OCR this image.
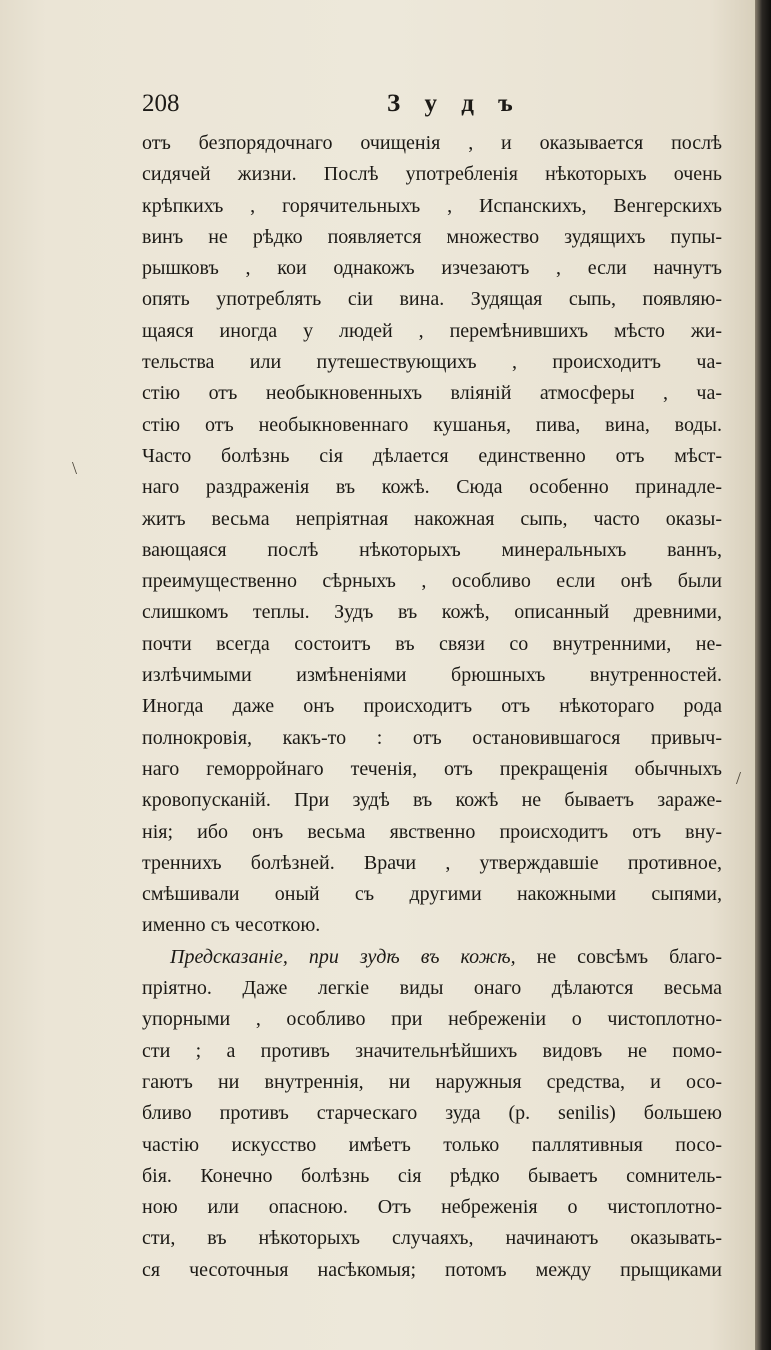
208	З у д ъ
\
/
отъ безпорядочнаго очищенія , и оказывается послѣ
сидячей жизни. Послѣ употребленія нѣкоторыхъ очень
крѣпкихъ , горячительныхъ , Испанскихъ, Венгерскихъ
винъ не рѣдко появляется множество зудящихъ пупы-
рышковъ , кои однакожъ изчезаютъ , если начнутъ
опять употреблять сіи вина. Зудящая сыпь, появляю-
щаяся иногда у людей , перемѣнившихъ мѣсто жи-
тельства или путешествующихъ , происходитъ ча-
стію отъ необыкновенныхъ вліяній атмосферы , ча-
стію отъ необыкновеннаго кушанья, пива, вина, воды.
Часто болѣзнь сія дѣлается единственно отъ мѣст-
наго раздраженія въ кожѣ. Сюда особенно принадле-
житъ весьма непріятная накожная сыпь, часто оказы-
вающаяся послѣ нѣкоторыхъ минеральныхъ ваннъ,
преимущественно сѣрныхъ , особливо если онѣ были
слишкомъ теплы. Зудъ въ кожѣ, описанный древними,
почти всегда состоитъ въ связи со внутренними, не-
излѣчимыми измѣненіями брюшныхъ внутренностей.
Иногда даже онъ происходитъ отъ нѣкотораго рода
полнокровія, какъ-то : отъ остановившагося привыч-
наго геморройнаго теченія, отъ прекращенія обычныхъ
кровопусканій. При зудѣ въ кожѣ не бываетъ зараже-
нія; ибо онъ весьма явственно происходитъ отъ вну-
треннихъ болѣзней. Врачи , утверждавшіе противное,
смѣшивали оный съ другими накожными сыпями,
именно съ чесоткою.
Предсказаніе, при зудѣ въ кожѣ, не совсѣмъ благо-
пріятно. Даже легкіе виды онаго дѣлаются весьма
упорными , особливо при небреженіи о чистоплотно-
сти ; а противъ значительнѣйшихъ видовъ не помо-
гаютъ ни внутреннія, ни наружныя средства, и осо-
бливо противъ старческаго зуда (p. senilis) большею
частію искусство имѣетъ только паллятивныя посо-
бія. Конечно болѣзнь сія рѣдко бываетъ сомнитель-
ною или опасною. Отъ небреженія о чистоплотно-
сти, въ нѣкоторыхъ случаяхъ, начинаютъ оказывать-
ся чесоточныя насѣкомыя; потомъ между прыщиками
